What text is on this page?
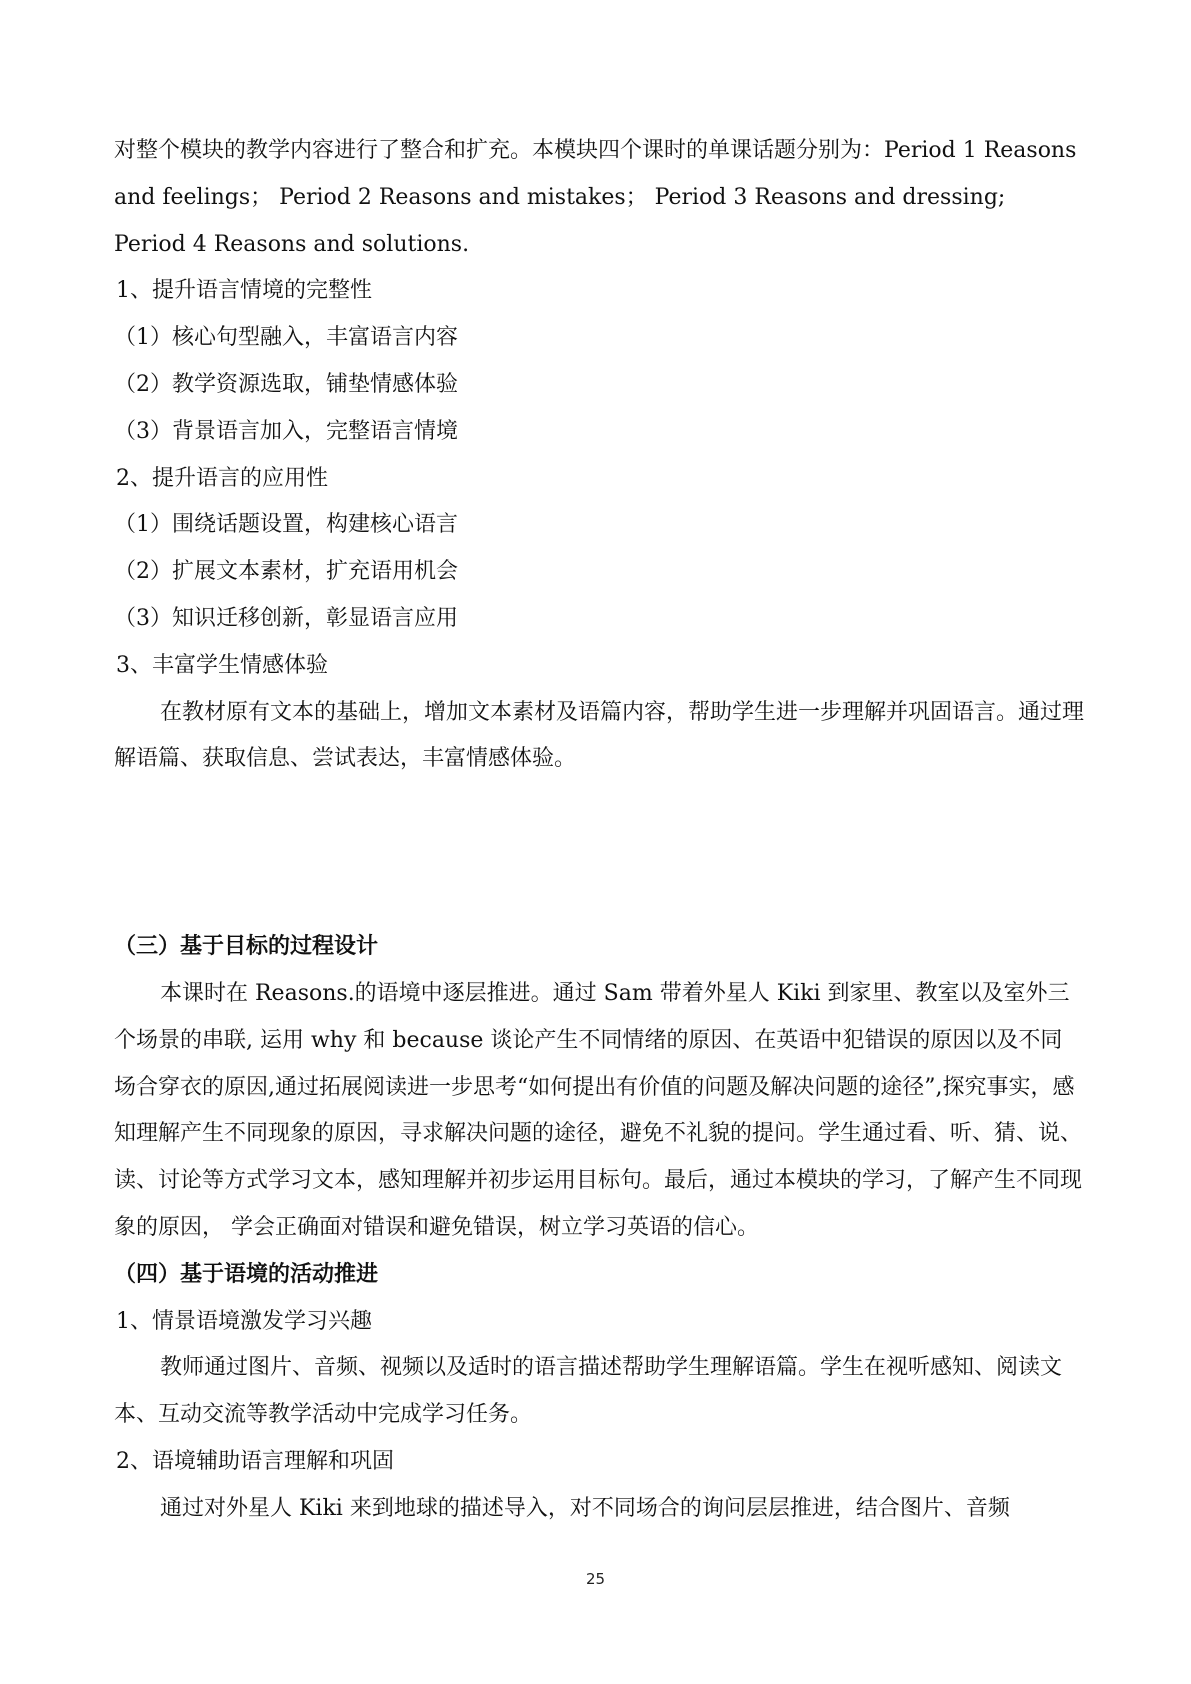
对整个模块的教学内容进行了整合和扩充。本模块四个课时的单课话题分别为：Period 1 Reasons and feelings； Period 2 Reasons and mistakes； Period 3 Reasons and dressing; Period 4 Reasons and solutions.

1、提升语言情境的完整性

（1）核心句型融入，丰富语言内容

（2）教学资源选取，铺垫情感体验

（3）背景语言加入，完整语言情境

2、提升语言的应用性

（1）围绕话题设置，构建核心语言

（2）扩展文本素材，扩充语用机会

（3）知识迁移创新，彰显语言应用

3、丰富学生情感体验

在教材原有文本的基础上，增加文本素材及语篇内容，帮助学生进一步理解并巩固语言。通过理解语篇、获取信息、尝试表达，丰富情感体验。

（三）基于目标的过程设计

本课时在 Reasons.的语境中逐层推进。通过 Sam 带着外星人 Kiki 到家里、教室以及室外三个场景的串联, 运用 why 和 because 谈论产生不同情绪的原因、在英语中犯错误的原因以及不同场合穿衣的原因,通过拓展阅读进一步思考“如何提出有价值的问题及解决问题的途径”,探究事实，感知理解产生不同现象的原因，寻求解决问题的途径，避免不礼貌的提问。学生通过看、听、猜、说、读、讨论等方式学习文本，感知理解并初步运用目标句。最后，通过本模块的学习，了解产生不同现象的原因， 学会正确面对错误和避免错误，树立学习英语的信心。

（四）基于语境的活动推进

1、情景语境激发学习兴趣

教师通过图片、音频、视频以及适时的语言描述帮助学生理解语篇。学生在视听感知、阅读文本、互动交流等教学活动中完成学习任务。

2、语境辅助语言理解和巩固

通过对外星人 Kiki 来到地球的描述导入，对不同场合的询问层层推进，结合图片、音频

25
